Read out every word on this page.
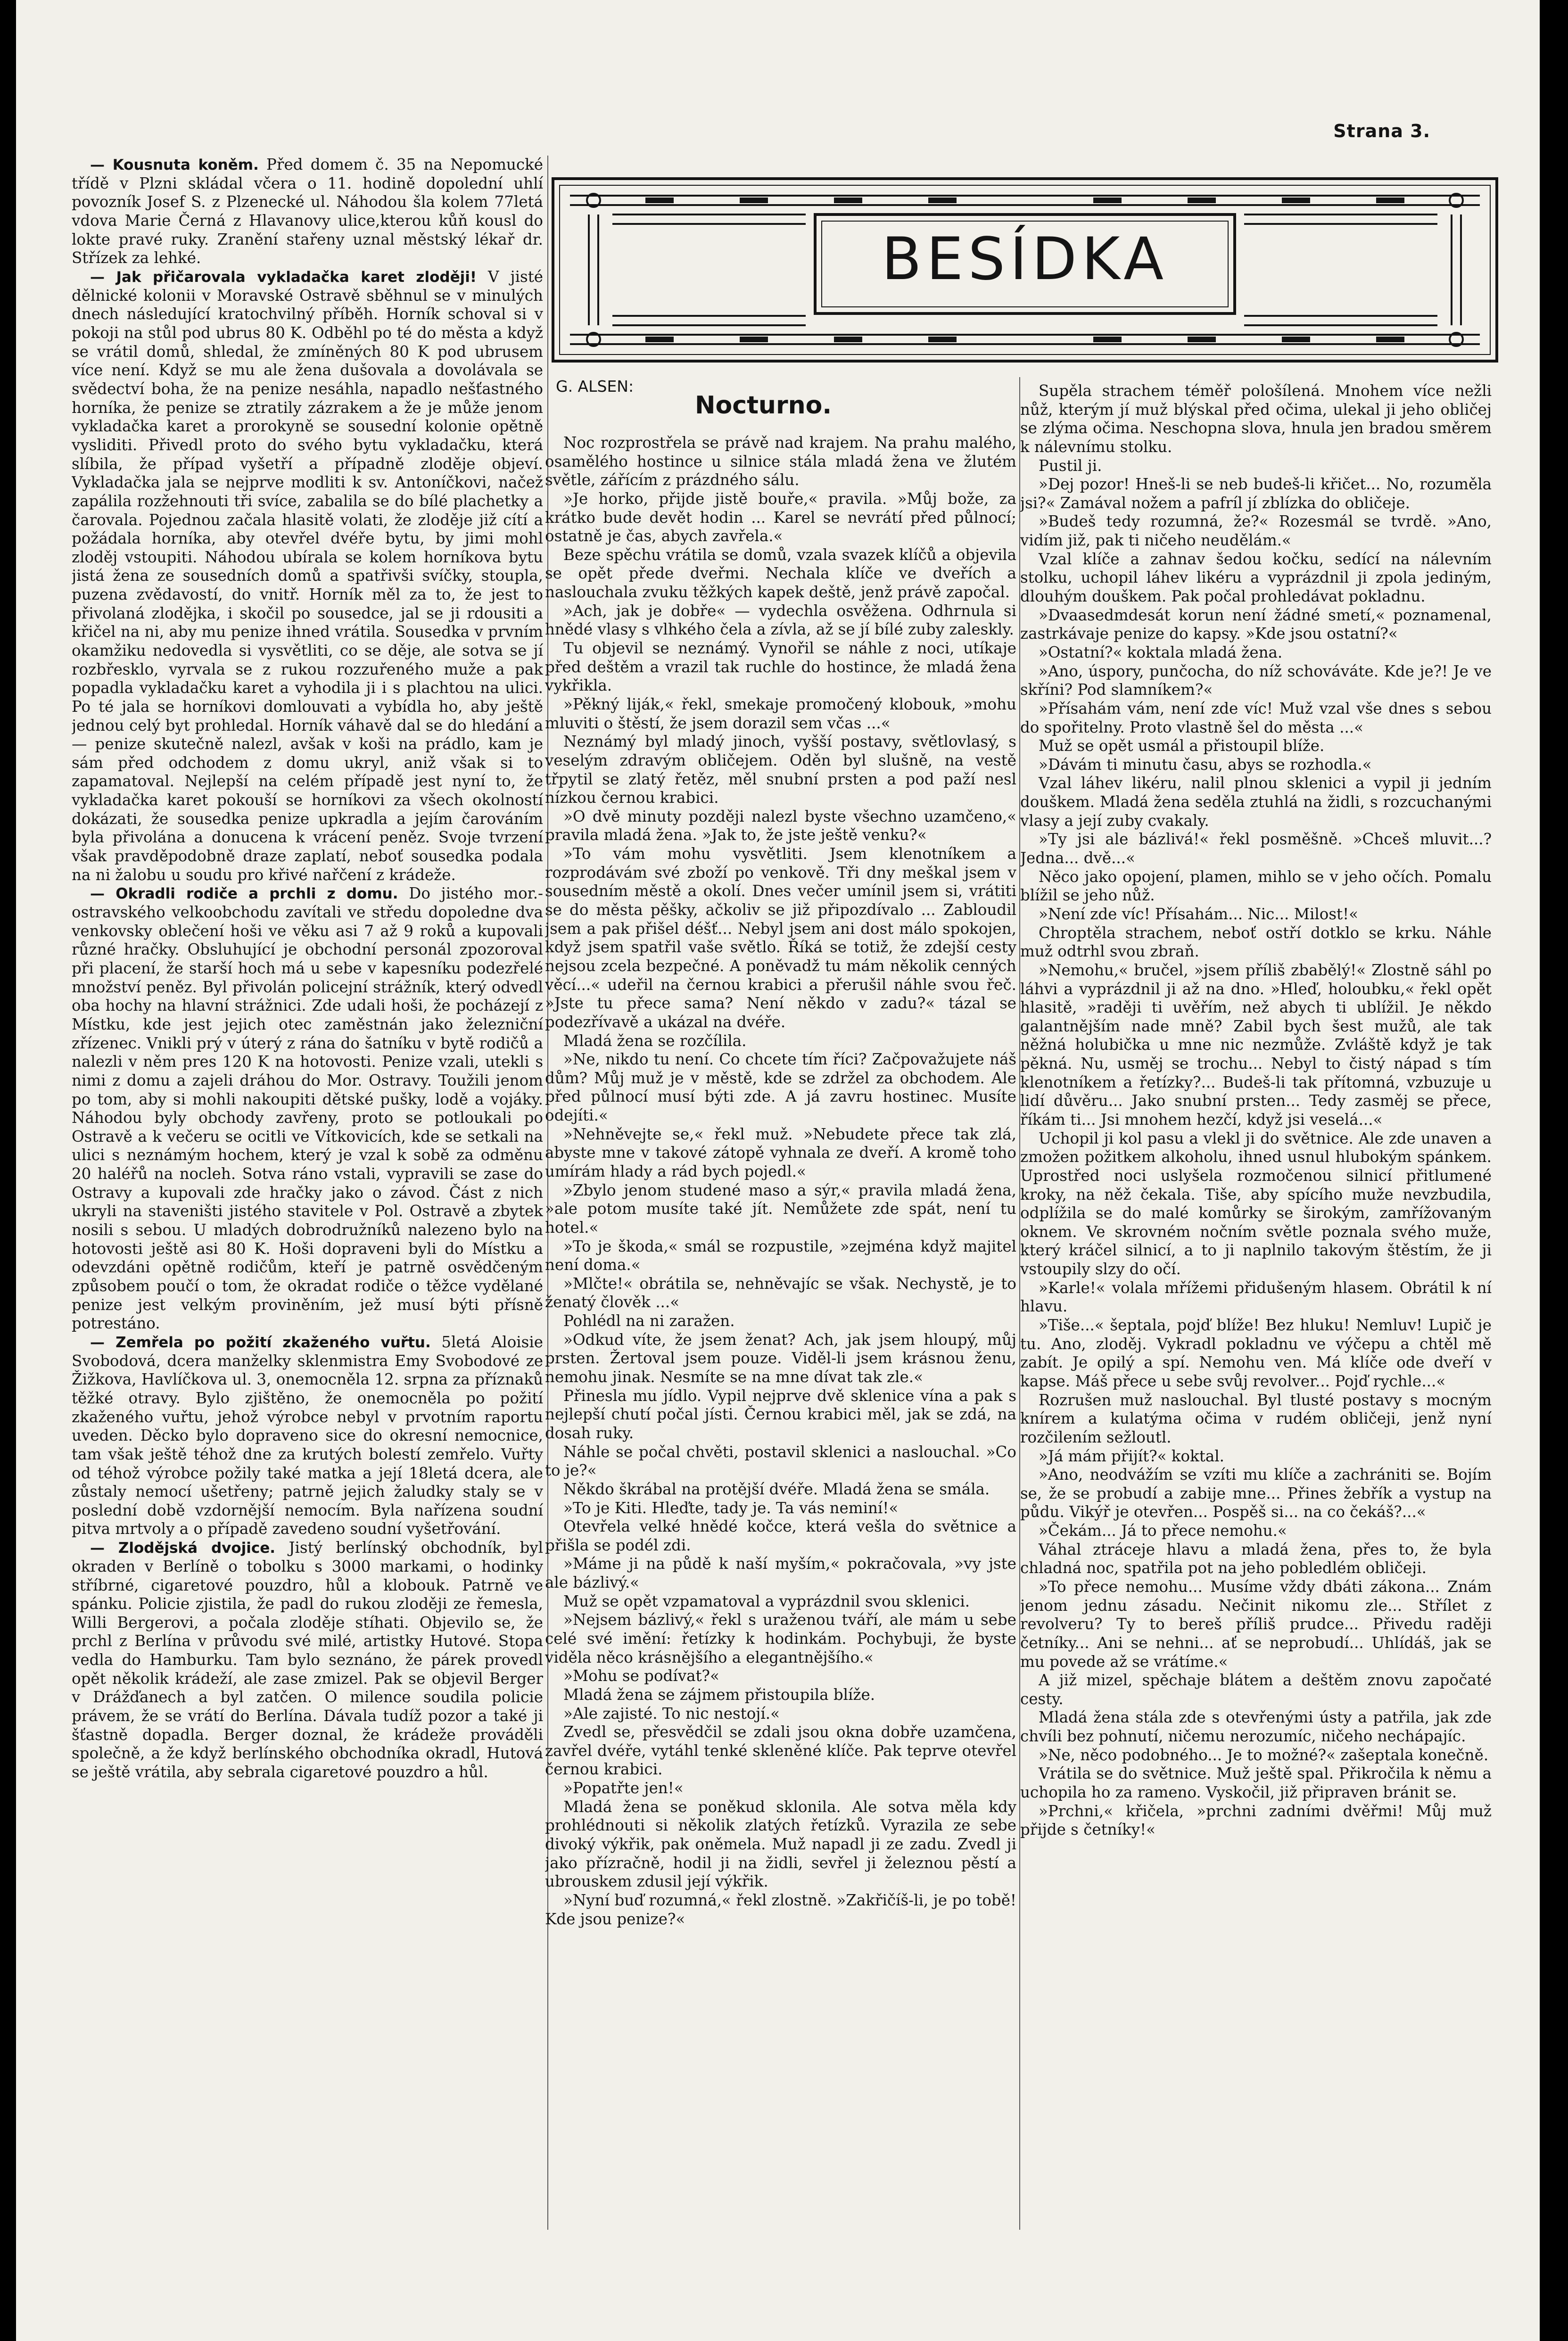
Strana 3.

— Kousnuta koněm. Před domem č. 35 na Nepomucké třídě v Plzni skládal včera o 11. hodině dopolední uhlí povozník Josef S. z Plzenecké ul. Náhodou šla kolem 77letá vdova Marie Černá z Hlavanovy ulice,kterou kůň kousl do lokte pravé ruky. Zranění stařeny uznal městský lékař dr. Střízek za lehké.

— Jak přičarovala vykladačka karet zloději! V jisté dělnické kolonii v Moravské Ostravě sběhnul se v minulých dnech následující kratochvilný příběh. Horník schoval si v pokoji na stůl pod ubrus 80 K. Odběhl po té do města a když se vrátil domů, shledal, že zmíněných 80 K pod ubrusem více není. Když se mu ale žena dušovala a dovolávala se svědectví boha, že na penize nesáhla, napadlo nešťastného horníka, že penize se ztratily zázrakem a že je může jenom vykladačka karet a prorokyně se sousední kolonie opětně vysliditi. Přivedl proto do svého bytu vykladačku, která slíbila, že případ vyšetří a případně zloděje objeví. Vykladačka jala se nejprve modliti k sv. Antoníčkovi, načež zapálila rozžehnouti tři svíce, zabalila se do bílé plachetky a čarovala. Pojednou začala hlasitě volati, že zloděje již cítí a požádala horníka, aby otevřel dvéře bytu, by jimi mohl zloděj vstoupiti. Náhodou ubírala se kolem horníkova bytu jistá žena ze sousedních domů a spatřivši svíčky, stoupla, puzena zvědavostí, do vnitř. Horník měl za to, že jest to přivolaná zlodějka, i skočil po sousedce, jal se ji rdousiti a křičel na ni, aby mu penize ihned vrátila. Sousedka v prvním okamžiku nedovedla si vysvětliti, co se děje, ale sotva se jí rozbřesklo, vyrvala se z rukou rozzuřeného muže a pak popadla vykladačku karet a vyhodila ji i s plachtou na ulici. Po té jala se horníkovi domlouvati a vybídla ho, aby ještě jednou celý byt prohledal. Horník váhavě dal se do hledání a — penize skutečně nalezl, avšak v koši na prádlo, kam je sám před odchodem z domu ukryl, aniž však si to zapamatoval. Nejlepší na celém případě jest nyní to, že vykladačka karet pokouší se horníkovi za všech okolností dokázati, že sousedka penize upkradla a jejím čarováním byla přivolána a donucena k vrácení peněz. Svoje tvrzení však pravděpodobně draze zaplatí, neboť sousedka podala na ni žalobu u soudu pro křivé nařčení z krádeže.

— Okradli rodiče a prchli z domu. Do jistého mor.-ostravského velkoobchodu zavítali ve středu dopoledne dva venkovsky oblečení hoši ve věku asi 7 až 9 roků a kupovali různé hračky. Obsluhující je obchodní personál zpozoroval při placení, že starší hoch má u sebe v kapesníku podezřelé množství peněz. Byl přivolán policejní strážník, který odvedl oba hochy na hlavní strážnici. Zde udali hoši, že pocházejí z Místku, kde jest jejich otec zaměstnán jako železniční zřízenec. Vnikli prý v úterý z rána do šatníku v bytě rodičů a nalezli v něm pres 120 K na hotovosti. Penize vzali, utekli s nimi z domu a zajeli dráhou do Mor. Ostravy. Toužili jenom po tom, aby si mohli nakoupiti dětské pušky, lodě a vojáky. Náhodou byly obchody zavřeny, proto se potloukali po Ostravě a k večeru se ocitli ve Vítkovicích, kde se setkali na ulici s neznámým hochem, který je vzal k sobě za odměnu 20 haléřů na nocleh. Sotva ráno vstali, vypravili se zase do Ostravy a kupovali zde hračky jako o závod. Část z nich ukryli na staveništi jistého stavitele v Pol. Ostravě a zbytek nosili s sebou. U mladých dobrodružníků nalezeno bylo na hotovosti ještě asi 80 K. Hoši dopraveni byli do Místku a odevzdáni opětně rodičům, kteří je patrně osvědčeným způsobem poučí o tom, že okradat rodiče o těžce vydělané penize jest velkým proviněním, jež musí býti přísně potrestáno.

— Zemřela po požití zkaženého vuřtu. 5letá Aloisie Svobodová, dcera manželky sklenmistra Emy Svobodové ze Žižkova, Havlíčkova ul. 3, onemocněla 12. srpna za příznaků těžké otravy. Bylo zjištěno, že onemocněla po požití zkaženého vuřtu, jehož výrobce nebyl v prvotním raportu uveden. Děcko bylo dopraveno sice do okresní nemocnice, tam však ještě téhož dne za krutých bolestí zemřelo. Vuřty od téhož výrobce požily také matka a její 18letá dcera, ale zůstaly nemocí ušetřeny; patrně jejich žaludky staly se v poslední době vzdornější nemocím. Byla nařízena soudní pitva mrtvoly a o případě zavedeno soudní vyšetřování.

— Zlodějská dvojice. Jistý berlínský obchodník, byl okraden v Berlíně o tobolku s 3000 markami, o hodinky stříbrné, cigaretové pouzdro, hůl a klobouk. Patrně ve spánku. Policie zjistila, že padl do rukou zloději ze řemesla, Willi Bergerovi, a počala zloděje stíhati. Objevilo se, že prchl z Berlína v průvodu své milé, artistky Hutové. Stopa vedla do Hamburku. Tam bylo seznáno, že párek provedl opět několik krádeží, ale zase zmizel. Pak se objevil Berger v Drážďanech a byl zatčen. O milence soudila policie právem, že se vrátí do Berlína. Dávala tudíž pozor a také ji šťastně dopadla. Berger doznal, že krádeže prováděli společně, a že když berlínského obchodníka okradl, Hutová se ještě vrátila, aby sebrala cigaretové pouzdro a hůl.

BESÍDKA
G. ALSEN:
Nocturno.

Noc rozprostřela se právě nad krajem. Na prahu malého, osamělého hostince u silnice stála mladá žena ve žlutém světle, zářícím z prázdného sálu.

»Je horko, přijde jistě bouře,« pravila. »Můj bože, za krátko bude devět hodin ... Karel se nevrátí před půlnocí; ostatně je čas, abych zavřela.«

Beze spěchu vrátila se domů, vzala svazek klíčů a objevila se opět přede dveřmi. Nechala klíče ve dveřích a naslouchala zvuku těžkých kapek deště, jenž právě započal.

»Ach, jak je dobře« — vydechla osvěžena. Odhrnula si hnědé vlasy s vlhkého čela a zívla, až se jí bílé zuby zaleskly.

Tu objevil se neznámý. Vynořil se náhle z noci, utíkaje před deštěm a vrazil tak ruchle do hostince, že mladá žena vykřikla.

»Pěkný liják,« řekl, smekaje promočený klobouk, »mohu mluviti o štěstí, že jsem dorazil sem včas ...«

Neznámý byl mladý jinoch, vyšší postavy, světlovlasý, s veselým zdravým obličejem. Oděn byl slušně, na vestě třpytil se zlatý řetěz, měl snubní prsten a pod paží nesl nízkou černou krabici.

»O dvě minuty později nalezl byste všechno uzamčeno,« pravila mladá žena. »Jak to, že jste ještě venku?«

»To vám mohu vysvětliti. Jsem klenotníkem a rozprodávám své zboží po venkově. Tři dny meškal jsem v sousedním městě a okolí. Dnes večer umínil jsem si, vrátiti se do města pěšky, ačkoliv se již připozdívalo ... Zabloudil jsem a pak přišel déšť... Nebyl jsem ani dost málo spokojen, když jsem spatřil vaše světlo. Říká se totiž, že zdejší cesty nejsou zcela bezpečné. A poněvadž tu mám několik cenných věcí...« udeřil na černou krabici a přerušil náhle svou řeč. »Jste tu přece sama? Není někdo v zadu?« tázal se podezřívavě a ukázal na dvéře.

Mladá žena se rozčílila.

»Ne, nikdo tu není. Co chcete tím říci? Začpovažujete náš dům? Můj muž je v městě, kde se zdržel za obchodem. Ale před půlnocí musí býti zde. A já zavru hostinec. Musíte odejíti.«

»Nehněvejte se,« řekl muž. »Nebudete přece tak zlá, abyste mne v takové zátopě vyhnala ze dveří. A kromě toho umírám hlady a rád bych pojedl.«

»Zbylo jenom studené maso a sýr,« pravila mladá žena, »ale potom musíte také jít. Nemůžete zde spát, není tu hotel.«

»To je škoda,« smál se rozpustile, »zejména když majitel není doma.«

»Mlčte!« obrátila se, nehněvajíc se však. Nechystě, je to ženatý člověk ...«

Pohlédl na ni zaražen.

»Odkud víte, že jsem ženat? Ach, jak jsem hloupý, můj prsten. Žertoval jsem pouze. Viděl-li jsem krásnou ženu, nemohu jinak. Nesmíte se na mne dívat tak zle.«

Přinesla mu jídlo. Vypil nejprve dvě sklenice vína a pak s nejlepší chutí počal jísti. Černou krabici měl, jak se zdá, na dosah ruky.

Náhle se počal chvěti, postavil sklenici a naslouchal. »Co to je?«

Někdo škrábal na protější dvéře. Mladá žena se smála.

»To je Kiti. Hleďte, tady je. Ta vás neminí!«

Otevřela velké hnědé kočce, která vešla do světnice a přišla se podél zdi.

»Máme ji na půdě k naší myším,« pokračovala, »vy jste ale bázlivý.«

Muž se opět vzpamatoval a vyprázdnil svou sklenici.

»Nejsem bázlivý,« řekl s uraženou tváří, ale mám u sebe celé své imění: řetízky k hodinkám. Pochybuji, že byste viděla něco krásnějšího a elegantnějšího.«

»Mohu se podívat?«

Mladá žena se zájmem přistoupila blíže.

»Ale zajisté. To nic nestojí.«

Zvedl se, přesvědčil se zdali jsou okna dobře uzamčena, zavřel dvéře, vytáhl tenké skleněné klíče. Pak teprve otevřel černou krabici.

»Popatřte jen!«

Mladá žena se poněkud sklonila. Ale sotva měla kdy prohlédnouti si několik zlatých řetízků. Vyrazila ze sebe divoký výkřik, pak oněmela. Muž napadl ji ze zadu. Zvedl ji jako přízračně, hodil ji na židli, sevřel ji železnou pěstí a ubrouskem zdusil její výkřik.

»Nyní buď rozumná,« řekl zlostně. »Zakřičíš-li, je po tobě! Kde jsou penize?«

Supěla strachem téměř pološílená. Mnohem více nežli nůž, kterým jí muž blýskal před očima, ulekal ji jeho obličej se zlýma očima. Neschopna slova, hnula jen bradou směrem k nálevnímu stolku.

Pustil ji.

»Dej pozor! Hneš-li se neb budeš-li křičet... No, rozuměla jsi?« Zamával nožem a pafríl jí zblízka do obličeje.

»Budeš tedy rozumná, že?« Rozesmál se tvrdě. »Ano, vidím již, pak ti ničeho neudělám.«

Vzal klíče a zahnav šedou kočku, sedící na nálevním stolku, uchopil láhev likéru a vyprázdnil ji zpola jediným, dlouhým douškem. Pak počal prohledávat pokladnu.

»Dvaasedmdesát korun není žádné smetí,« poznamenal, zastrkávaje penize do kapsy. »Kde jsou ostatní?«

»Ostatní?« koktala mladá žena.

»Ano, úspory, punčocha, do níž schováváte. Kde je?! Je ve skříni? Pod slamníkem?«

»Přísahám vám, není zde víc! Muž vzal vše dnes s sebou do spořitelny. Proto vlastně šel do města ...«

Muž se opět usmál a přistoupil blíže.

»Dávám ti minutu času, abys se rozhodla.«

Vzal láhev likéru, nalil plnou sklenici a vypil ji jedním douškem. Mladá žena seděla ztuhlá na židli, s rozcuchanými vlasy a její zuby cvakaly.

»Ty jsi ale bázlivá!« řekl posměšně. »Chceš mluvit...? Jedna... dvě...«

Něco jako opojení, plamen, mihlo se v jeho očích. Pomalu blížil se jeho nůž.

»Není zde víc! Přísahám... Nic... Milost!«

Chroptěla strachem, neboť ostří dotklo se krku. Náhle muž odtrhl svou zbraň.

»Nemohu,« bručel, »jsem příliš zbabělý!« Zlostně sáhl po láhvi a vyprázdnil ji až na dno. »Hleď, holoubku,« řekl opět hlasitě, »raději ti uvěřím, než abych ti ublížil. Je někdo galantnějším nade mně? Zabil bych šest mužů, ale tak něžná holubička u mne nic nezmůže. Zvláště když je tak pěkná. Nu, usměj se trochu... Nebyl to čistý nápad s tím klenotníkem a řetízky?... Budeš-li tak přítomná, vzbuzuje u lidí důvěru... Jako snubní prsten... Tedy zasměj se přece, říkám ti... Jsi mnohem hezčí, když jsi veselá...«

Uchopil ji kol pasu a vlekl ji do světnice. Ale zde unaven a zmožen požitkem alkoholu, ihned usnul hlubokým spánkem. Uprostřed noci uslyšela rozmočenou silnicí přitlumené kroky, na něž čekala. Tiše, aby spícího muže nevzbudila, odplížila se do malé komůrky se širokým, zamřížovaným oknem. Ve skrovném nočním světle poznala svého muže, který kráčel silnicí, a to ji naplnilo takovým štěstím, že ji vstoupily slzy do očí.

»Karle!« volala mřížemi přidušeným hlasem. Obrátil k ní hlavu.

»Tiše...« šeptala, pojď blíže! Bez hluku! Nemluv! Lupič je tu. Ano, zloděj. Vykradl pokladnu ve výčepu a chtěl mě zabít. Je opilý a spí. Nemohu ven. Má klíče ode dveří v kapse. Máš přece u sebe svůj revolver... Pojď rychle...«

Rozrušen muž naslouchal. Byl tlusté postavy s mocným knírem a kulatýma očima v rudém obličeji, jenž nyní rozčilením sežloutl.

»Já mám přijít?« koktal.

»Ano, neodvážím se vzíti mu klíče a zachrániti se. Bojím se, že se probudí a zabije mne... Přines žebřík a vystup na půdu. Vikýř je otevřen... Pospěš si... na co čekáš?...«

»Čekám... Já to přece nemohu.«

Váhal ztráceje hlavu a mladá žena, přes to, že byla chladná noc, spatřila pot na jeho pobledlém obličeji.

»To přece nemohu... Musíme vždy dbáti zákona... Znám jenom jednu zásadu. Nečinit nikomu zle... Střílet z revolveru? Ty to bereš příliš prudce... Přivedu raději četníky... Ani se nehni... ať se neprobudí... Uhlídáš, jak se mu povede až se vrátíme.«

A již mizel, spěchaje blátem a deštěm znovu započaté cesty.

Mladá žena stála zde s otevřenými ústy a patřila, jak zde chvíli bez pohnutí, ničemu nerozumíc, ničeho nechápajíc.

»Ne, něco podobného... Je to možné?« zašeptala konečně.

Vrátila se do světnice. Muž ještě spal. Přikročila k němu a uchopila ho za rameno. Vyskočil, již připraven bránit se.

»Prchni,« křičela, »prchni zadními dvěřmi! Můj muž přijde s četníky!«
